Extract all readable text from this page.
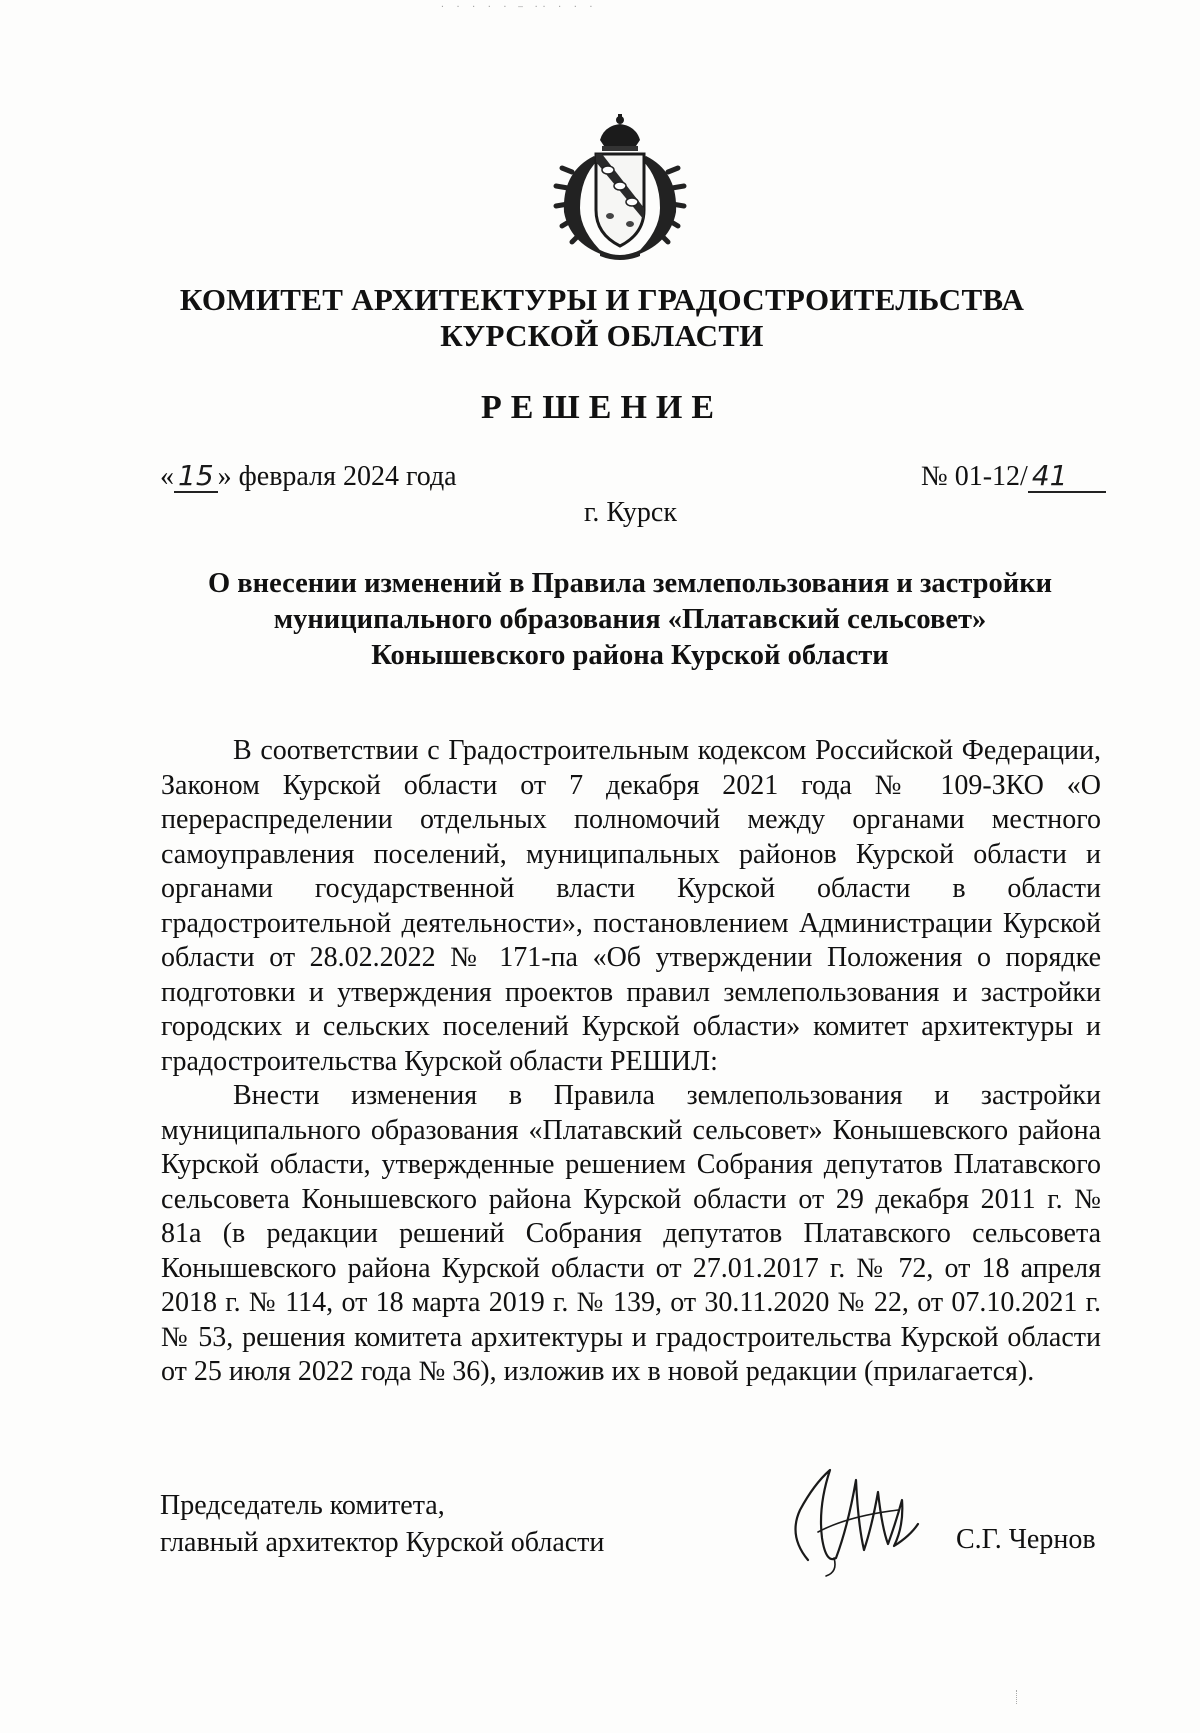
· · · · · – ·· · · ·
КОМИТЕТ АРХИТЕКТУРЫ И ГРАДОСТРОИТЕЛЬСТВА
КУРСКОЙ ОБЛАСТИ
РЕШЕНИЕ
« 15 » февраля 2024 года	№ 01-12/ 41
г. Курск
О внесении изменений в Правила землепользования и застройки
муниципального образования «Платавский сельсовет»
Конышевского района Курской области

В соответствии с Градостроительным кодексом Российской Федерации, Законом Курской области от 7 декабря 2021 года № 109-ЗКО «О перераспределении отдельных полномочий между органами местного самоуправления поселений, муниципальных районов Курской области и органами государственной власти Курской области в области градостроительной деятельности», постановлением Администрации Курской области от 28.02.2022 № 171-па «Об утверждении Положения о порядке подготовки и утверждения проектов правил землепользования и застройки городских и сельских поселений Курской области» комитет архитектуры и градостроительства Курской области РЕШИЛ:

Внести изменения в Правила землепользования и застройки муниципального образования «Платавский сельсовет» Конышевского района Курской области, утвержденные решением Собрания депутатов Платавского сельсовета Конышевского района Курской области от 29 декабря 2011 г. № 81а (в редакции решений Собрания депутатов Платавского сельсовета Конышевского района Курской области от 27.01.2017 г. № 72, от 18 апреля 2018 г. № 114, от 18 марта 2019 г. № 139, от 30.11.2020 № 22, от 07.10.2021 г. № 53, решения комитета архитектуры и градостроительства Курской области от 25 июля 2022 года № 36), изложив их в новой редакции (прилагается).

Председатель комитета,
главный архитектор Курской области	С.Г. Чернов
